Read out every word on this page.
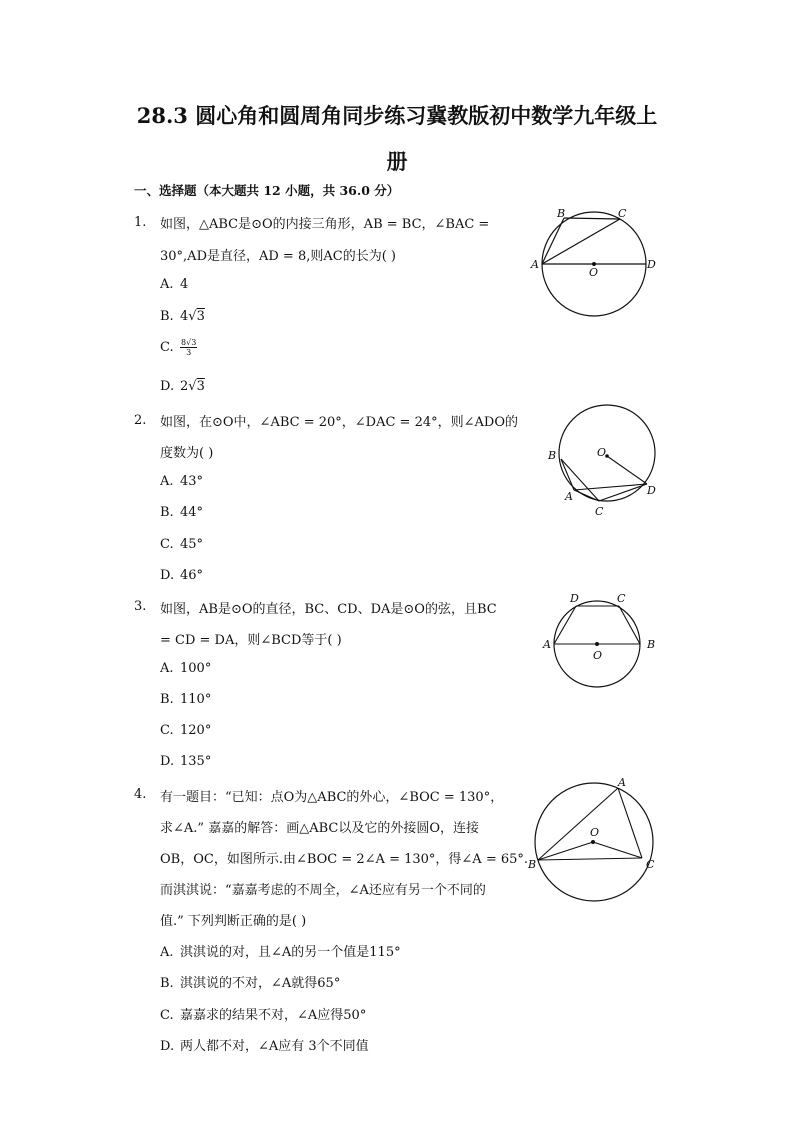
28.3 圆心角和圆周角同步练习冀教版初中数学九年级上
册
一、选择题（本大题共 12 小题，共 36.0 分）
1. 如图，△ABC是⊙O的内接三角形，AB = BC，∠BAC =
30°,AD是直径，AD = 8,则AC的长为( )
A. 4
B. 4√3
C. $\frac{8√3}{3}$
D. 2√3
B	C
A
O
D
2. 如图，在⊙O中，∠ABC = 20°，∠DAC = 24°，则∠ADO的
度数为( )
A. 43°
B. 44°
C. 45°
D. 46°
B	O
A
C
D
3. 如图，AB是⊙O的直径，BC、CD、DA是⊙O的弦，且BC
= CD = DA，则∠BCD等于( )
A. 100°
B. 110°
C. 120°
D. 135°
D	C
A
O
B
4. 有一题目：“已知：点O为△ABC的外心，∠BOC = 130°，
求∠A.” 嘉嘉的解答：画△ABC以及它的外接圆O，连接
OB，OC，如图所示.由∠BOC = 2∠A = 130°，得∠A = 65°.
而淇淇说：“嘉嘉考虑的不周全，∠A还应有另一个不同的
值.” 下列判断正确的是( )
A. 淇淇说的对，且∠A的另一个值是115°
B. 淇淇说的不对，∠A就得65°
C. 嘉嘉求的结果不对，∠A应得50°
D. 两人都不对，∠A应有 3个不同值
A
O
B	C
